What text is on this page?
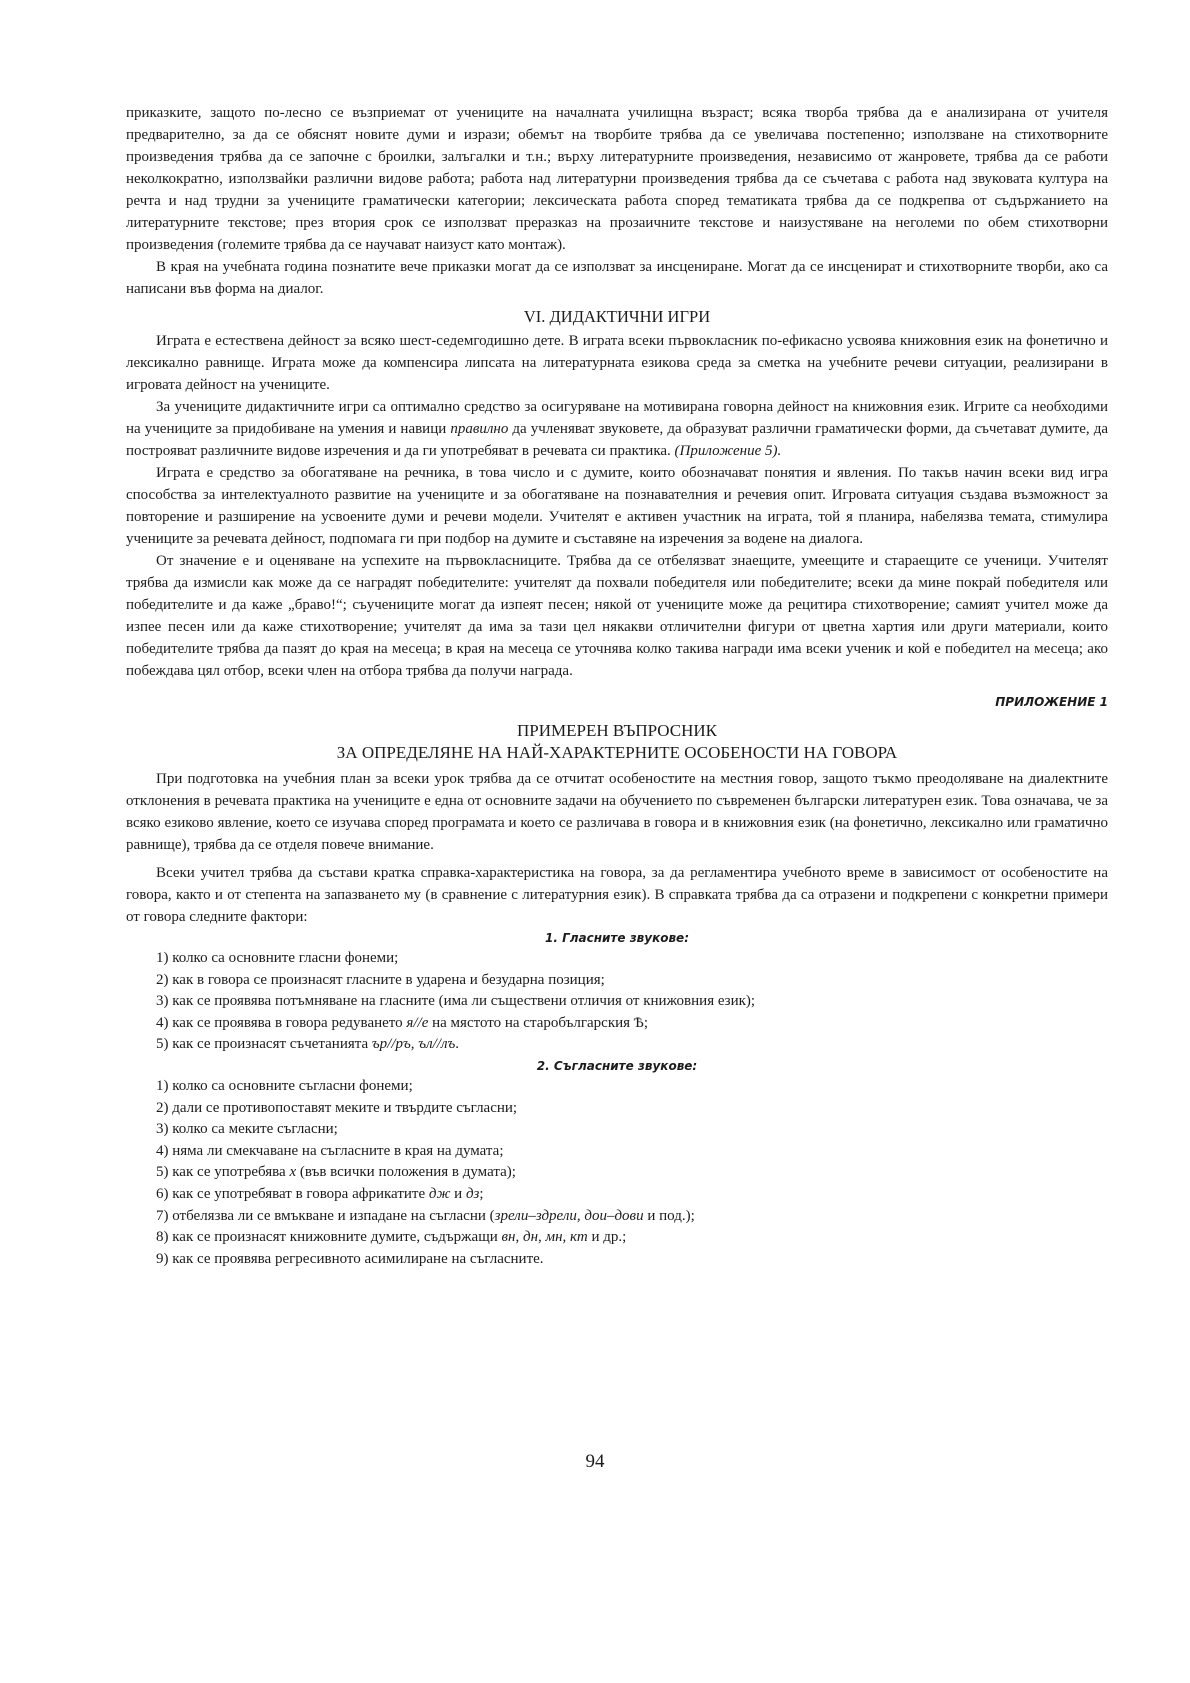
приказките, защото по-лесно се възприемат от учениците на началната училищна възраст; всяка творба трябва да е анализирана от учителя предварително, за да се обяснят новите думи и изрази; обемът на творбите трябва да се увеличава постепенно; използване на стихотворните произведения трябва да се започне с броилки, залъгалки и т.н.; върху литературните произведения, независимо от жанровете, трябва да се работи неколкократно, използвайки различни видове работа; работа над литературни произведения трябва да се съчетава с работа над звуковата култура на речта и над трудни за учениците граматически категории; лексическата работа според тематиката трябва да се подкрепва от съдържанието на литературните текстове; през втория срок се използват преразказ на прозаичните текстове и наизустяване на неголеми по обем стихотворни произведения (големите трябва да се научават наизуст като монтаж).

В края на учебната година познатите вече приказки могат да се използват за инсцениране. Могат да се инсценират и стихотворните творби, ако са написани във форма на диалог.

VI. ДИДАКТИЧНИ ИГРИ

Играта е естествена дейност за всяко шест-седемгодишно дете. В играта всеки първокласник по-ефикасно усвоява книжовния език на фонетично и лексикално равнище. Играта може да компенсира липсата на литературната езикова среда за сметка на учебните речеви ситуации, реализирани в игровата дейност на учениците.

За учениците дидактичните игри са оптимално средство за осигуряване на мотивирана говорна дейност на книжовния език. Игрите са необходими на учениците за придобиване на умения и навици правилно да учленяват звуковете, да образуват различни граматически форми, да съчетават думите, да построяват различните видове изречения и да ги употребяват в речевата си практика. (Приложение 5).

Играта е средство за обогатяване на речника, в това число и с думите, които обозначават понятия и явления. По такъв начин всеки вид игра способства за интелектуалното развитие на учениците и за обогатяване на познавателния и речевия опит. Игровата ситуация създава възможност за повторение и разширение на усвоените думи и речеви модели. Учителят е активен участник на играта, той я планира, набелязва темата, стимулира учениците за речевата дейност, подпомага ги при подбор на думите и съставяне на изречения за водене на диалога.

От значение е и оценяване на успехите на първокласниците. Трябва да се отбелязват знаещите, умеещите и стараещите се ученици. Учителят трябва да измисли как може да се наградят победителите: учителят да похвали победителя или победителите; всеки да мине покрай победителя или победителите и да каже „браво!“; съучениците могат да изпеят песен; някой от учениците може да рецитира стихотворение; самият учител може да изпее песен или да каже стихотворение; учителят да има за тази цел някакви отличителни фигури от цветна хартия или други материали, които победителите трябва да пазят до края на месеца; в края на месеца се уточнява колко такива награди има всеки ученик и кой е победител на месеца; ако побеждава цял отбор, всеки член на отбора трябва да получи награда.

ПРИЛОЖЕНИЕ 1
ПРИМЕРЕН ВЪПРОСНИК
ЗА ОПРЕДЕЛЯНЕ НА НАЙ-ХАРАКТЕРНИТЕ ОСОБЕНОСТИ НА ГОВОРА

При подготовка на учебния план за всеки урок трябва да се отчитат особеностите на местния говор, защото тъкмо преодоляване на диалектните отклонения в речевата практика на учениците е една от основните задачи на обучението по съвременен български литературен език. Това означава, че за всяко езиково явление, което се изучава според програмата и което се различава в говора и в книжовния език (на фонетично, лексикално или граматично равнище), трябва да се отделя повече внимание.

Всеки учител трябва да състави кратка справка-характеристика на говора, за да регламентира учебното време в зависимост от особеностите на говора, както и от степента на запазването му (в сравнение с литературния език). В справката трябва да са отразени и подкрепени с конкретни примери от говора следните фактори:

1. Гласните звукове:
1) колко са основните гласни фонеми;
2) как в говора се произнасят гласните в ударена и безударна позиция;
3) как се проявява потъмняване на гласните (има ли съществени отличия от книжовния език);
4) как се проявява в говора редуването я//е на мястото на старобългарския Ѣ;
5) как се произнасят съчетанията ър//ръ, ъл//лъ.
2. Съгласните звукове:
1) колко са основните съгласни фонеми;
2) дали се противопоставят меките и твърдите съгласни;
3) колко са меките съгласни;
4) няма ли смекчаване на съгласните в края на думата;
5) как се употребява х (във всички положения в думата);
6) как се употребяват в говора африкатите дж и дз;
7) отбелязва ли се вмъкване и изпадане на съгласни (зрели–здрели, дои–дови и под.);
8) как се произнасят книжовните думите, съдържащи вн, дн, мн, кт и др.;
9) как се проявява регресивното асимилиране на съгласните.
94
